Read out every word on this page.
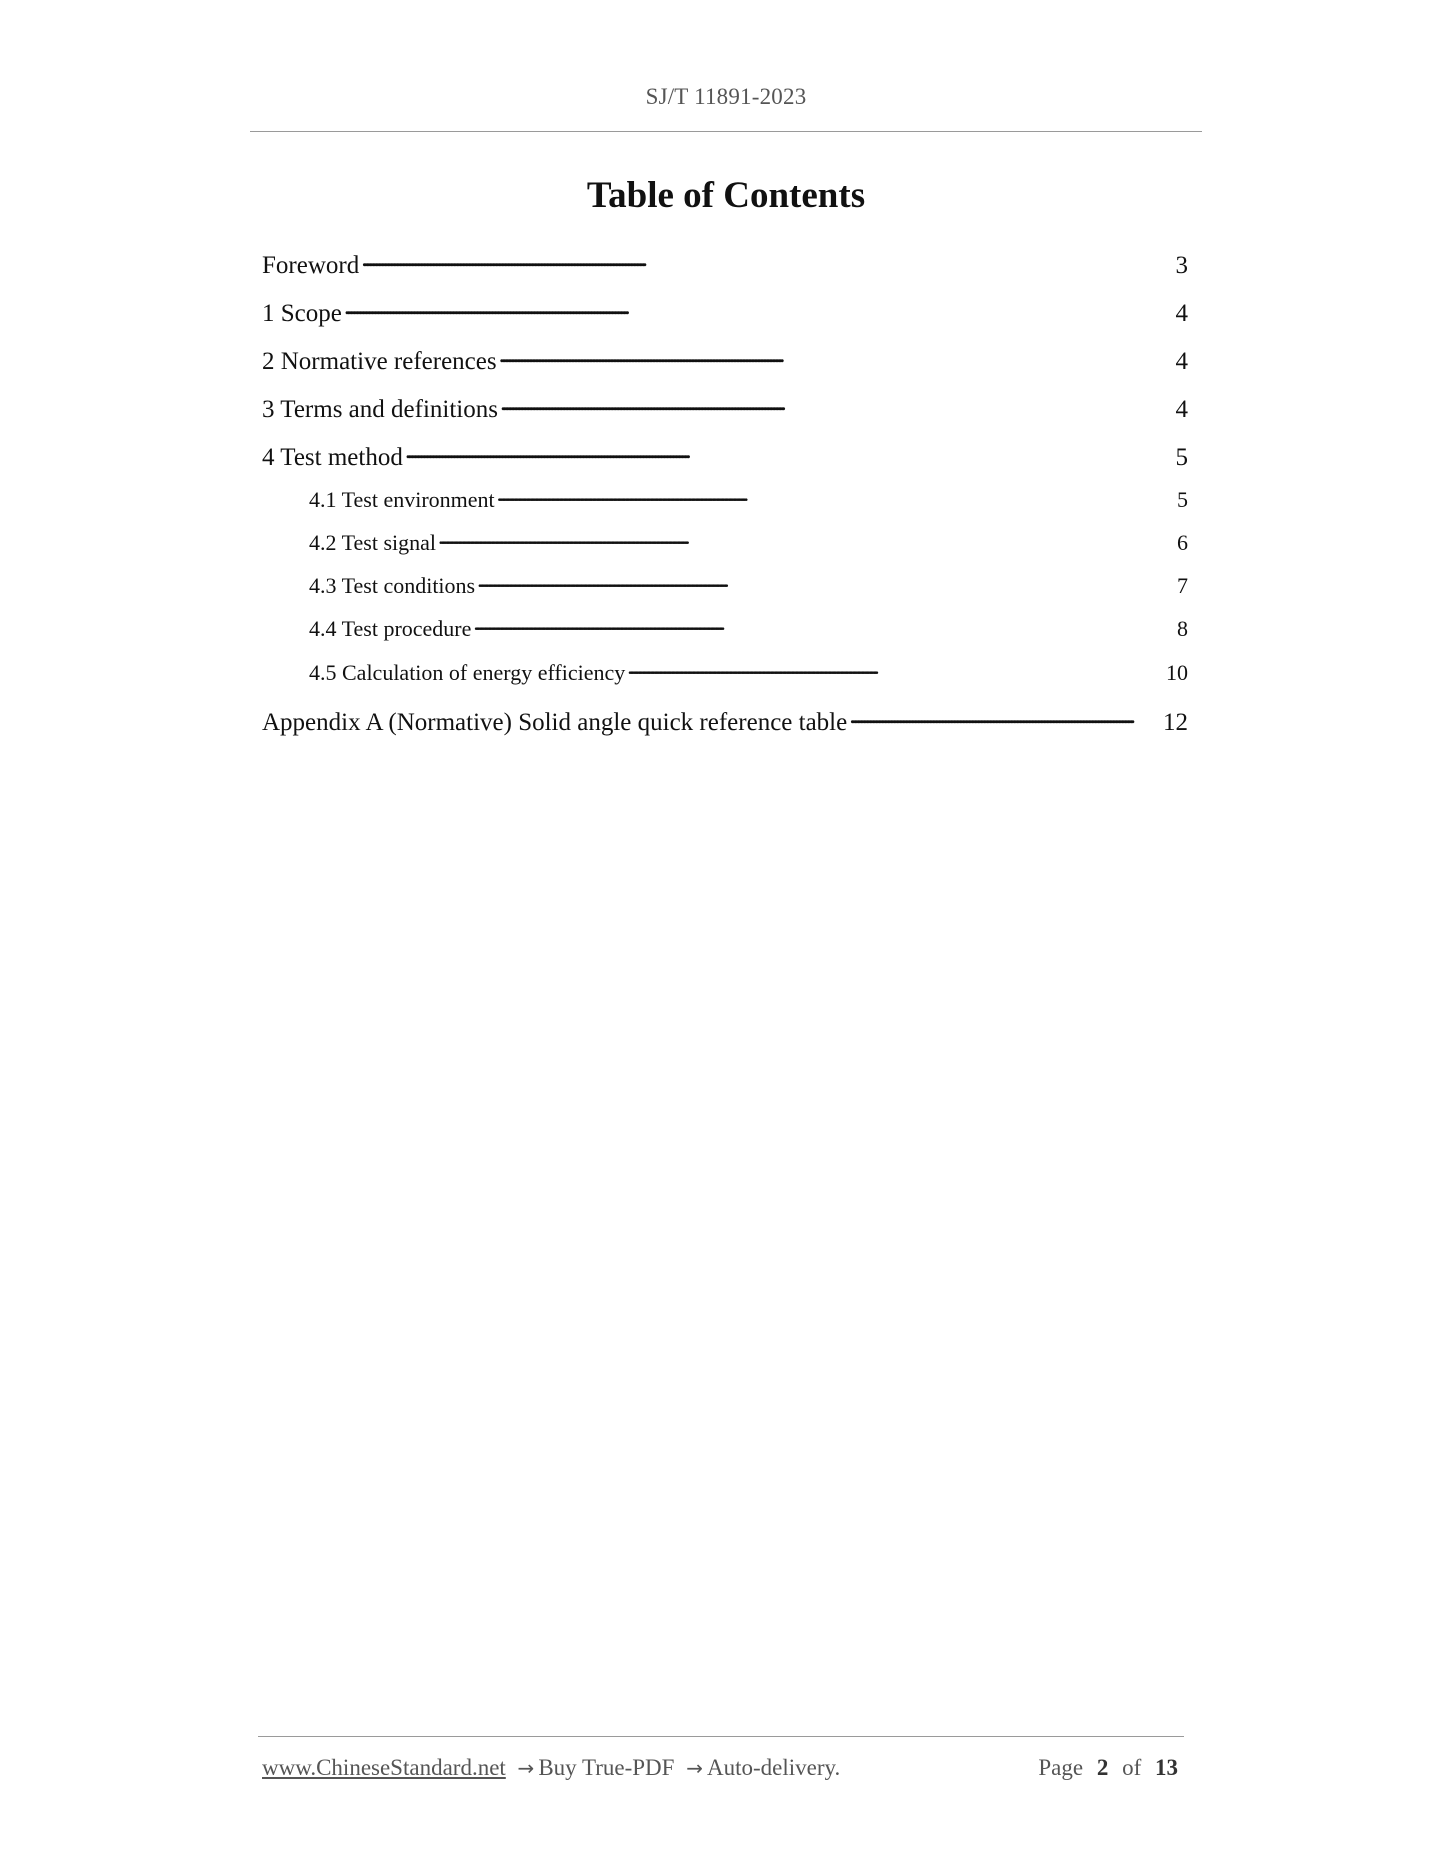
SJ/T 11891-2023
Table of Contents
Foreword . . .	3
1 Scope . . .	4
2 Normative references . . .	4
3 Terms and definitions . . .	4
4 Test method . . .	5
4.1 Test environment . . .	5
4.2 Test signal . . .	6
4.3 Test conditions . . .	7
4.4 Test procedure . . .	8
4.5 Calculation of energy efficiency . . .	10
Appendix A (Normative) Solid angle quick reference table . . .	12
www.ChineseStandard.net → Buy True-PDF → Auto-delivery.	Page 2 of 13
